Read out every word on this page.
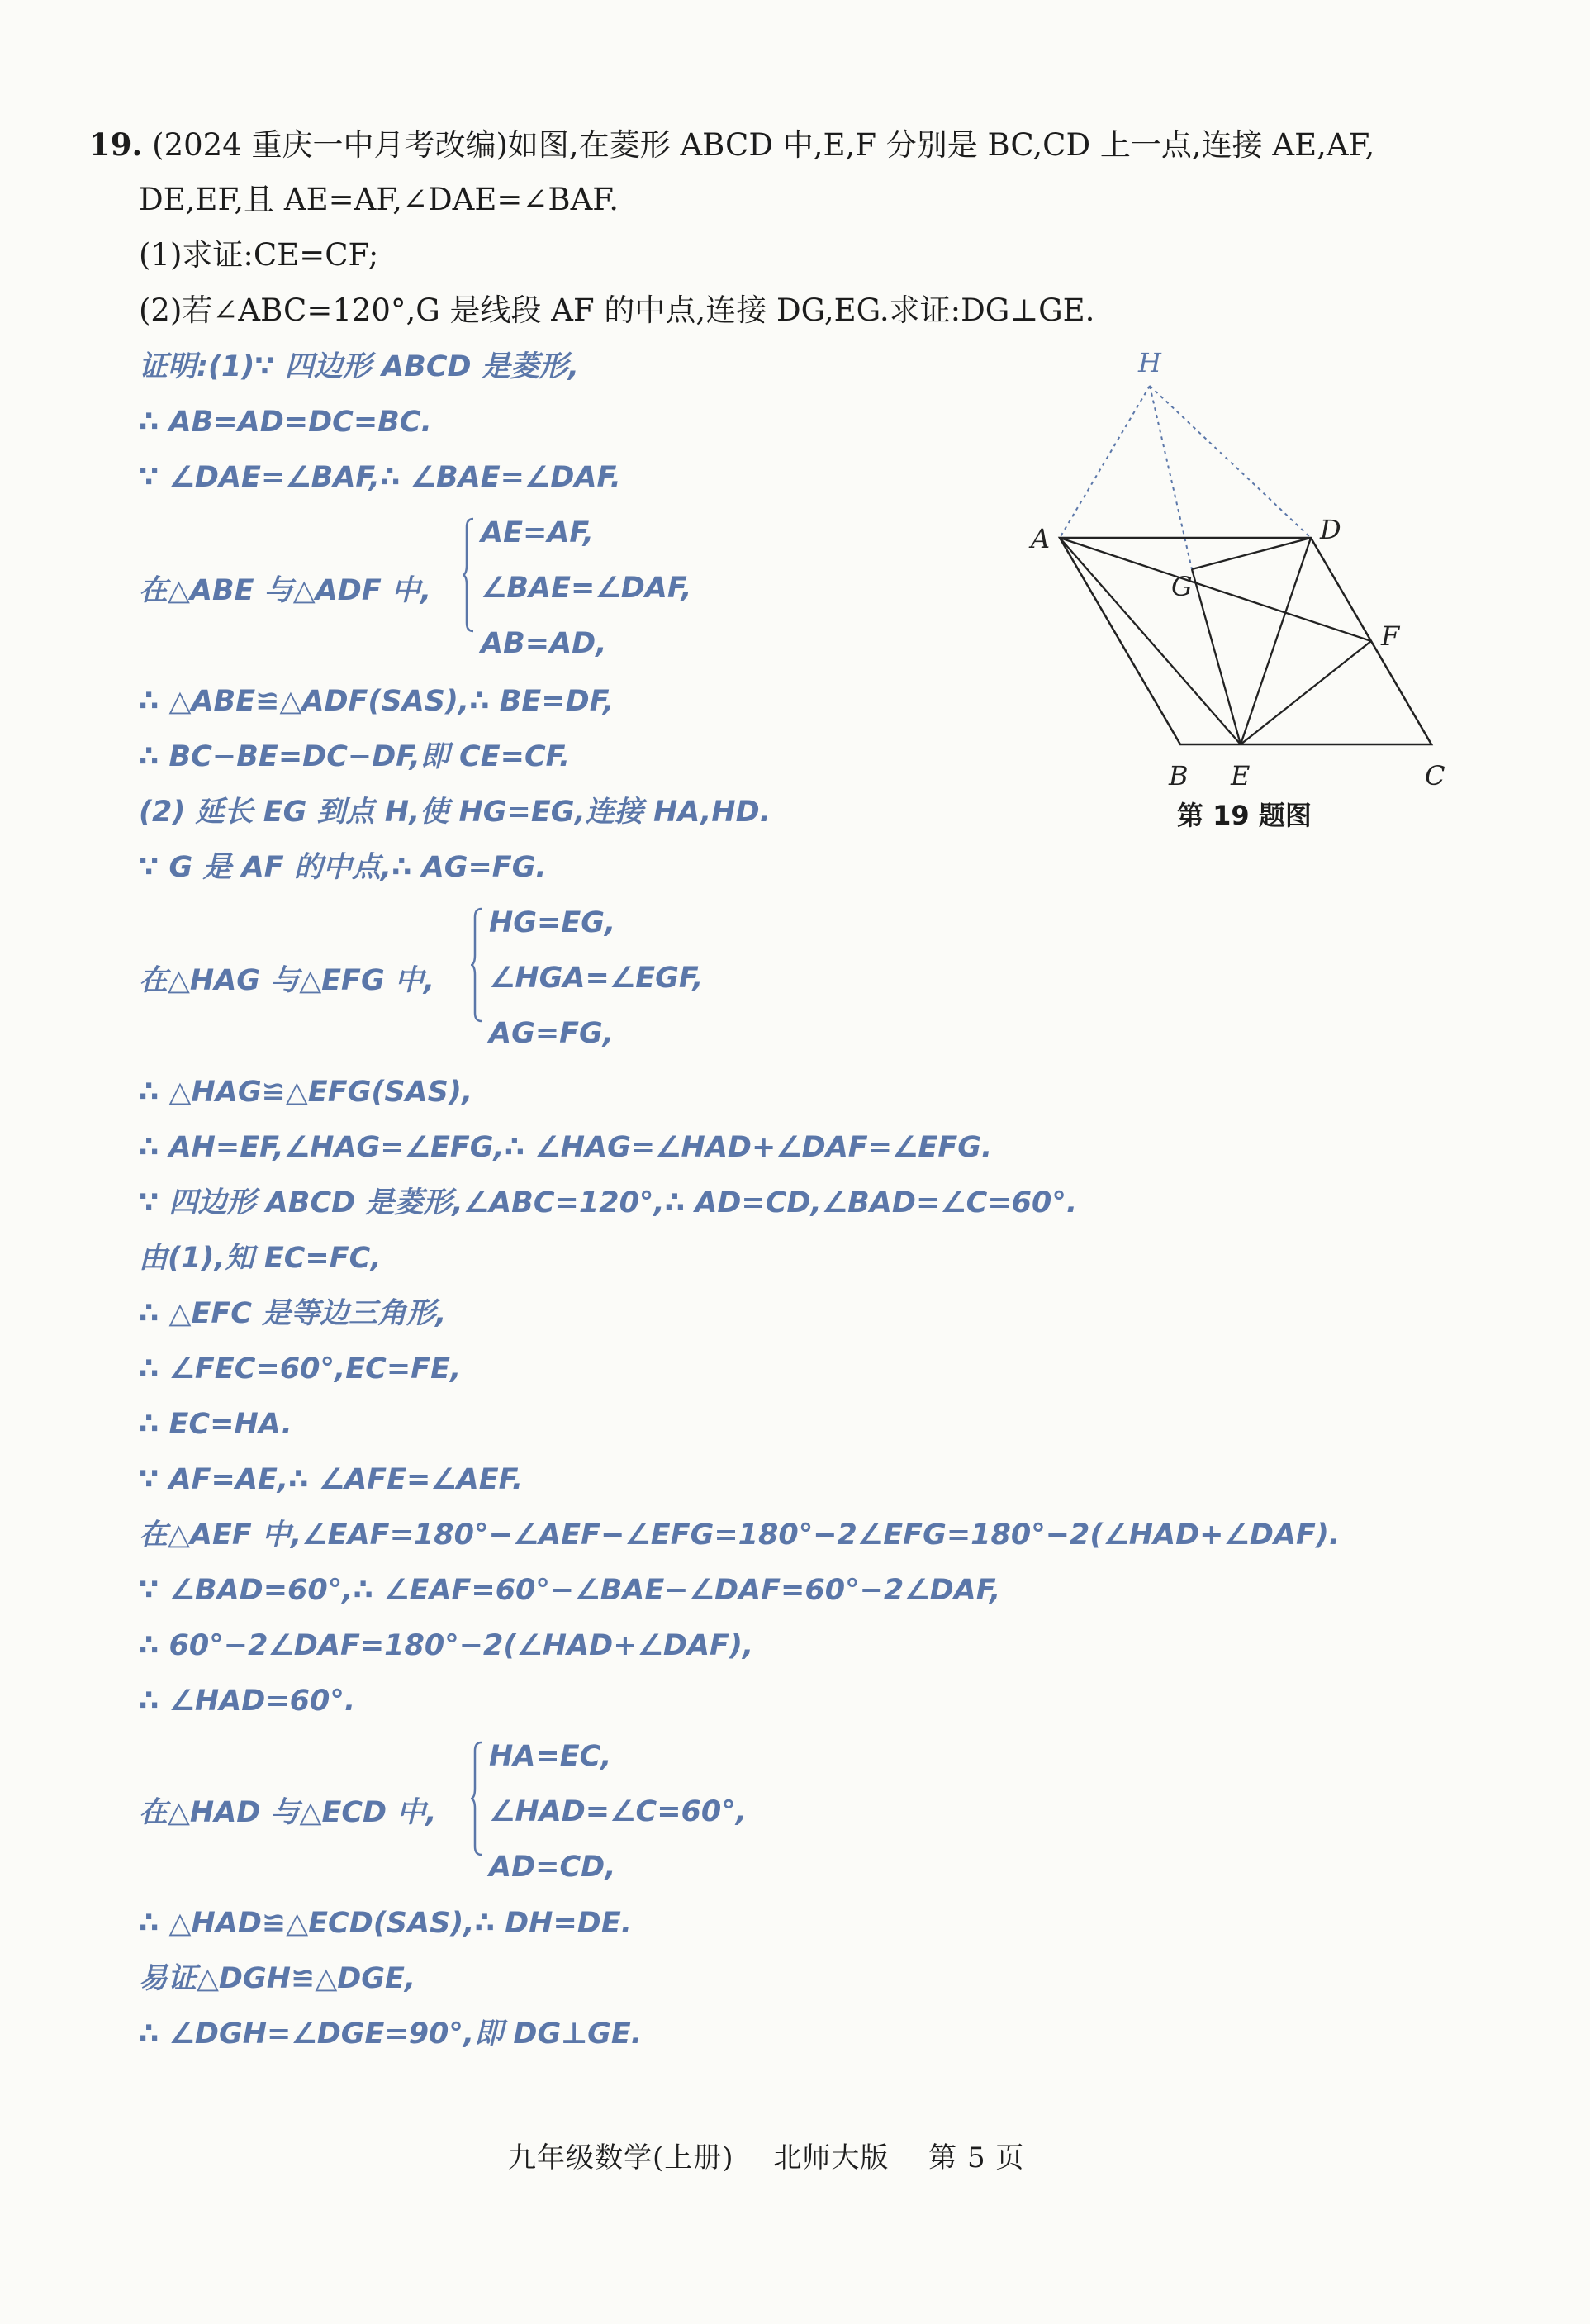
19. (2024 重庆一中月考改编)如图,在菱形 ABCD 中,E,F 分别是 BC,CD 上一点,连接 AE,AF,
DE,EF,且 AE=AF,∠DAE=∠BAF.
(1)求证:CE=CF;
(2)若∠ABC=120°,G 是线段 AF 的中点,连接 DG,EG.求证:DG⊥GE.
证明:(1)∵ 四边形 ABCD 是菱形,
∴ AB=AD=DC=BC.
∵ ∠DAE=∠BAF,∴ ∠BAE=∠DAF.
在△ABE 与△ADF 中,
AE=AF,
∠BAE=∠DAF,
AB=AD,
∴ △ABE≌△ADF(SAS),∴ BE=DF,
∴ BC−BE=DC−DF,即 CE=CF.
(2) 延长 EG 到点 H,使 HG=EG,连接 HA,HD.
∵ G 是 AF 的中点,∴ AG=FG.
在△HAG 与△EFG 中,
HG=EG,
∠HGA=∠EGF,
AG=FG,
∴ △HAG≌△EFG(SAS),
∴ AH=EF,∠HAG=∠EFG,∴ ∠HAG=∠HAD+∠DAF=∠EFG.
∵ 四边形 ABCD 是菱形,∠ABC=120°,∴ AD=CD,∠BAD=∠C=60°.
由(1),知 EC=FC,
∴ △EFC 是等边三角形,
∴ ∠FEC=60°,EC=FE,
∴ EC=HA.
∵ AF=AE,∴ ∠AFE=∠AEF.
在△AEF 中,∠EAF=180°−∠AEF−∠EFG=180°−2∠EFG=180°−2(∠HAD+∠DAF).
∵ ∠BAD=60°,∴ ∠EAF=60°−∠BAE−∠DAF=60°−2∠DAF,
∴ 60°−2∠DAF=180°−2(∠HAD+∠DAF),
∴ ∠HAD=60°.
在△HAD 与△ECD 中,
HA=EC,
∠HAD=∠C=60°,
AD=CD,
∴ △HAD≌△ECD(SAS),∴ DH=DE.
易证△DGH≌△DGE,
∴ ∠DGH=∠DGE=90°,即 DG⊥GE.
H
A	D
G
F
B E	C
第 19 题图
九年级数学(上册) 北师大版 第 5 页
